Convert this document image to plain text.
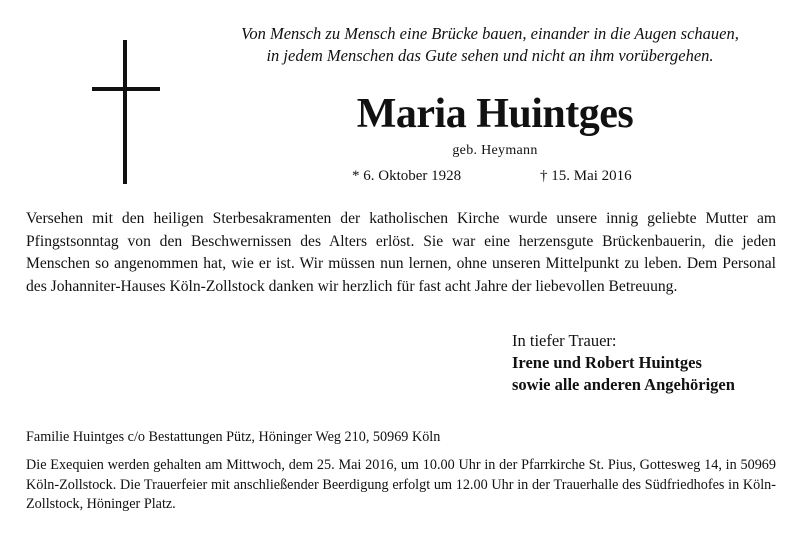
Von Mensch zu Mensch eine Brücke bauen, einander in die Augen schauen,
in jedem Menschen das Gute sehen und nicht an ihm vorübergehen.
Maria Huintges
geb. Heymann
* 6. Oktober 1928	† 15. Mai 2016
Versehen mit den heiligen Sterbesakramenten der katholischen Kirche wurde unsere innig geliebte Mutter am Pfingstsonntag von den Beschwernissen des Alters erlöst. Sie war eine herzensgute Brückenbauerin, die jeden Menschen so angenommen hat, wie er ist. Wir müssen nun lernen, ohne unseren Mittelpunkt zu leben. Dem Personal des Johanniter-Hauses Köln-Zollstock danken wir herzlich für fast acht Jahre der liebevollen Betreuung.
In tiefer Trauer:
Irene und Robert Huintges
sowie alle anderen Angehörigen
Familie Huintges c/o Bestattungen Pütz, Höninger Weg 210, 50969 Köln
Die Exequien werden gehalten am Mittwoch, dem 25. Mai 2016, um 10.00 Uhr in der Pfarrkirche St. Pius, Gottesweg 14, in 50969 Köln-Zollstock. Die Trauerfeier mit anschließender Beerdigung erfolgt um 12.00 Uhr in der Trauerhalle des Südfriedhofes in Köln-Zollstock, Höninger Platz.
